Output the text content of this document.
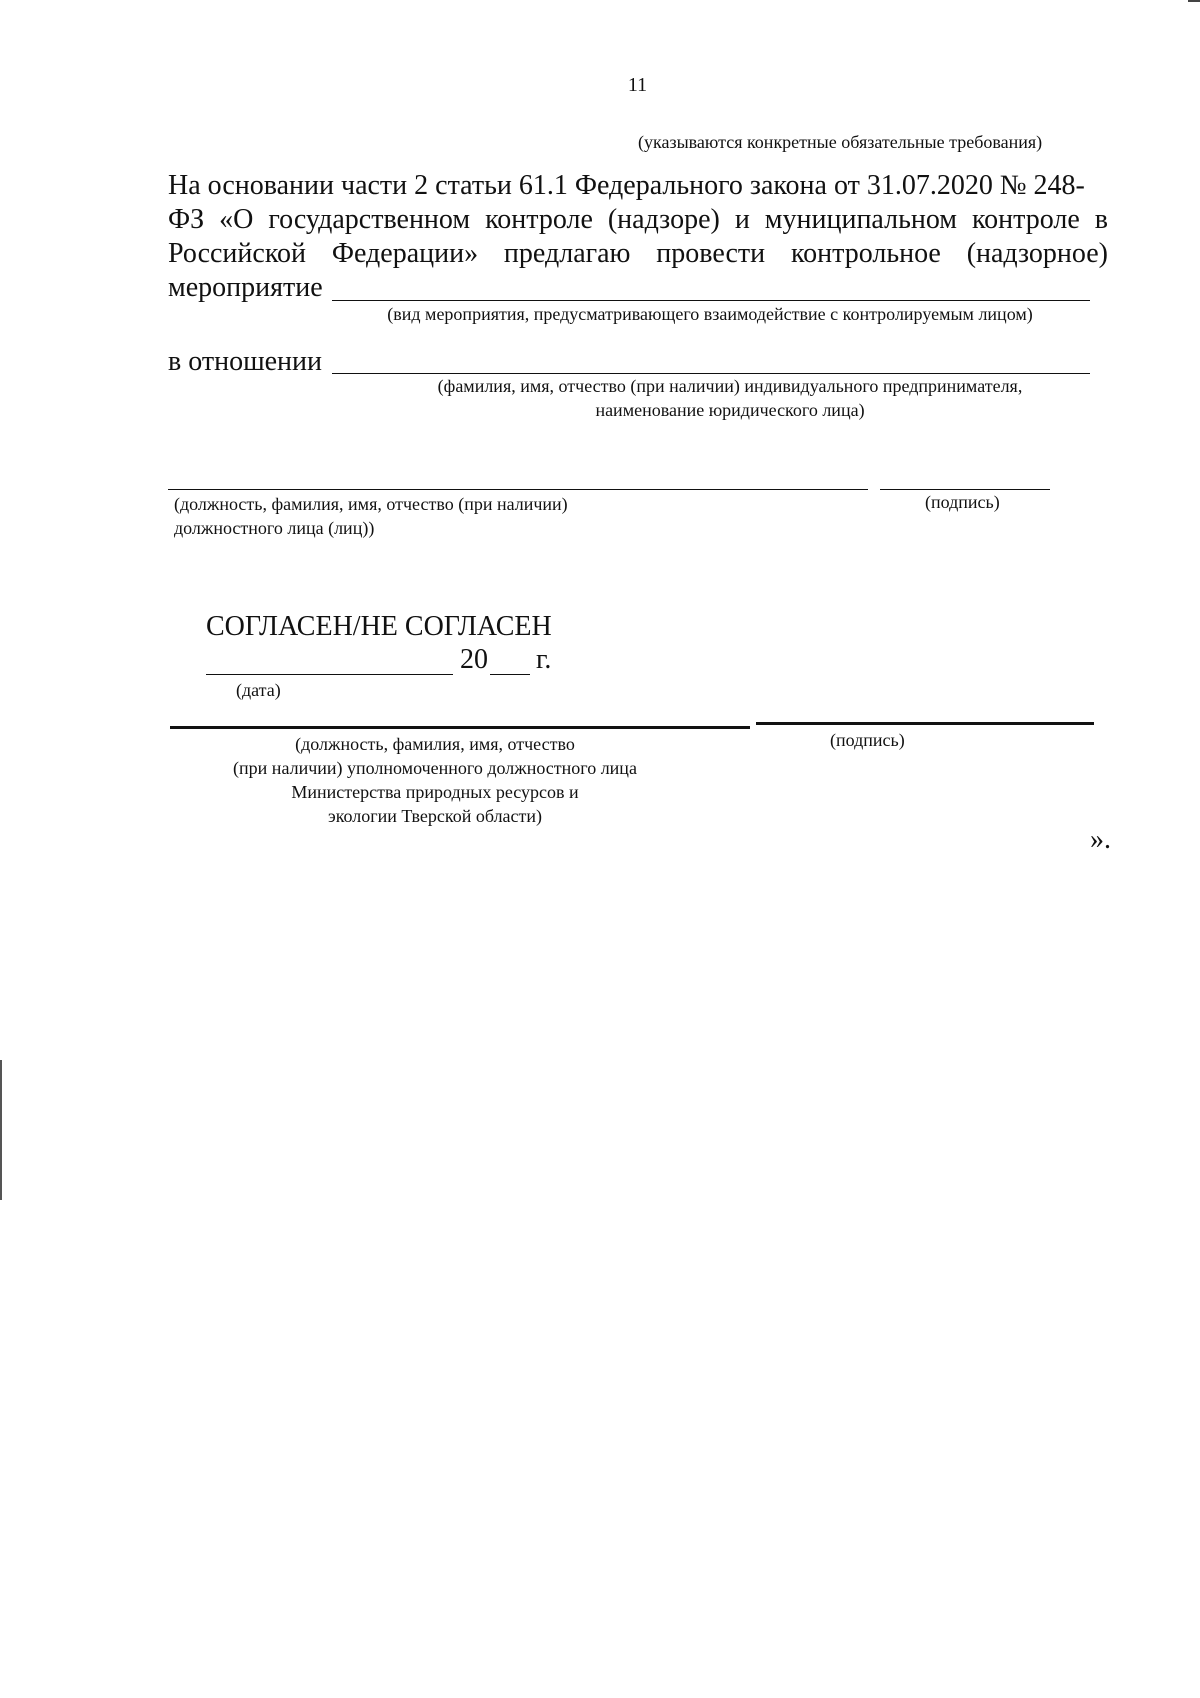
11
(указываются конкретные обязательные требования)
На основании части 2 статьи 61.1 Федерального закона от 31.07.2020 № 248-
ФЗ «О государственном контроле (надзоре) и муниципальном контроле в
Российской Федерации» предлагаю провести контрольное (надзорное)
мероприятие
(вид мероприятия, предусматривающего взаимодействие с контролируемым лицом)
в отношении
(фамилия, имя, отчество (при наличии) индивидуального предпринимателя,
наименование юридического лица)
(должность, фамилия, имя, отчество (при наличии)
должностного лица (лиц))
(подпись)
СОГЛАСЕН/НЕ СОГЛАСЕН
20 г.
(дата)
(должность, фамилия, имя, отчество
(при наличии) уполномоченного должностного лица
Министерства природных ресурсов и
экологии Тверской области)
(подпись)
».
